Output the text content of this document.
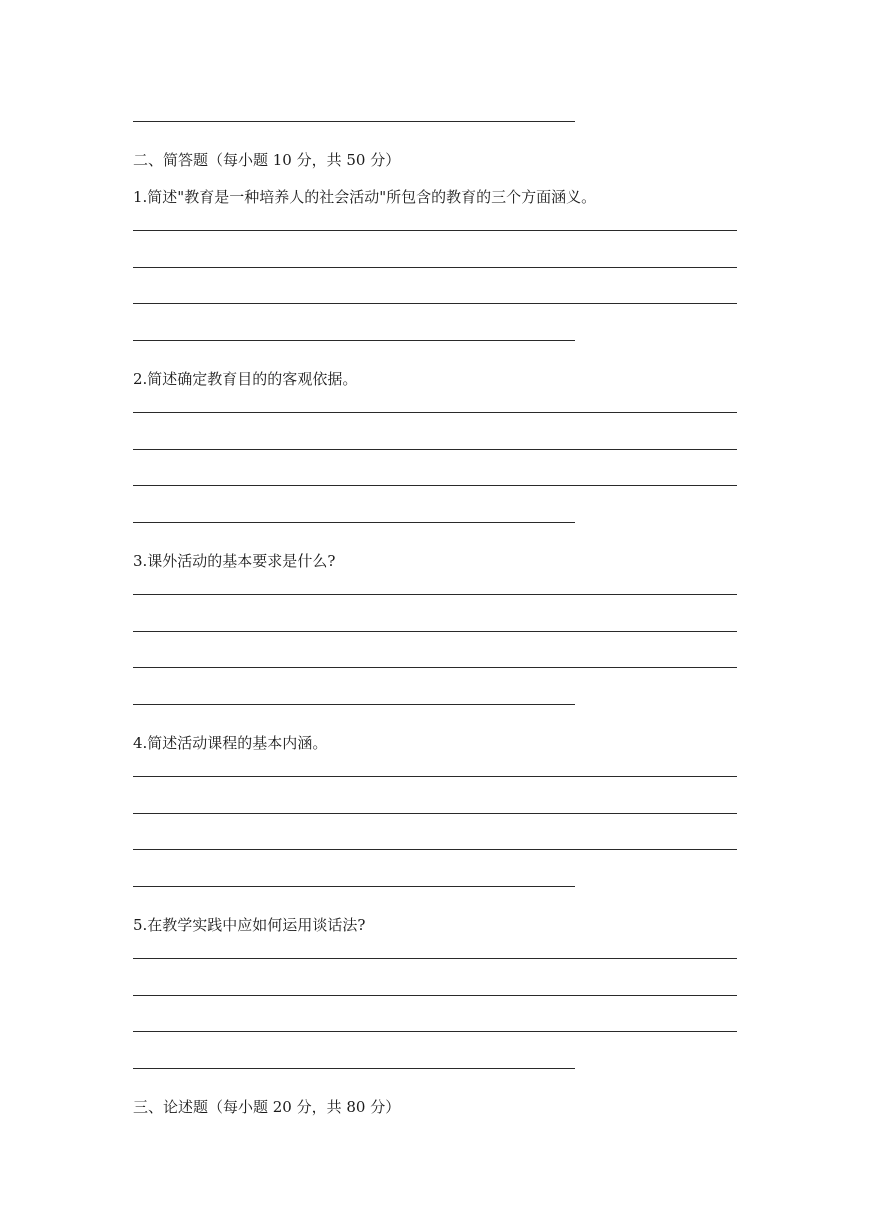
二、简答题（每小题 10 分，共 50 分）
1.简述"教育是一种培养人的社会活动"所包含的教育的三个方面涵义。
2.简述确定教育目的的客观依据。
3.课外活动的基本要求是什么?
4.简述活动课程的基本内涵。
5.在教学实践中应如何运用谈话法?
三、论述题（每小题 20 分，共 80 分）
